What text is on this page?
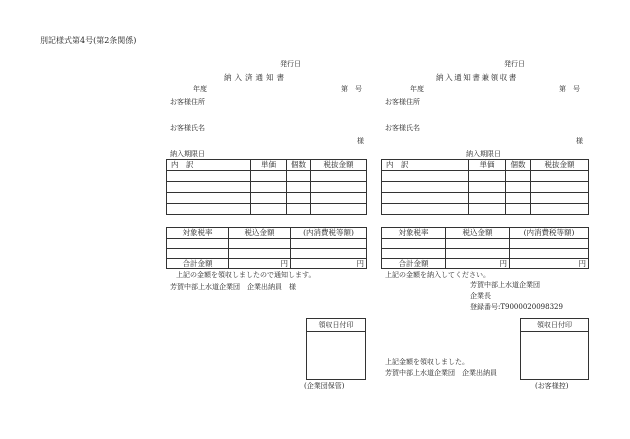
別記様式第4号(第2条関係)
発行日
納入済通知書
年度	第　号
お客様住所
お客様氏名
様
納入期限日
内　訳	単価	個数	税抜金額

対象税率	税込金額	(内消費税等額)

合計金額	円	円
上記の金額を領収しましたので通知します。
芳賀中部上水道企業団　企業出納員　様
領収日付印
(企業団保管)
発行日
納入通知書兼領収書
年度	第　号
お客様住所
お客様氏名
様
納入期限日
内　訳	単価	個数	税抜金額

対象税率	税込金額	(内消費税等額)

合計金額	円	円
上記の金額を納入してください。
芳賀中部上水道企業団
企業長
登録番号:T9000020098329
領収日付印
上記金額を領収しました。
芳賀中部上水道企業団　企業出納員
(お客様控)
